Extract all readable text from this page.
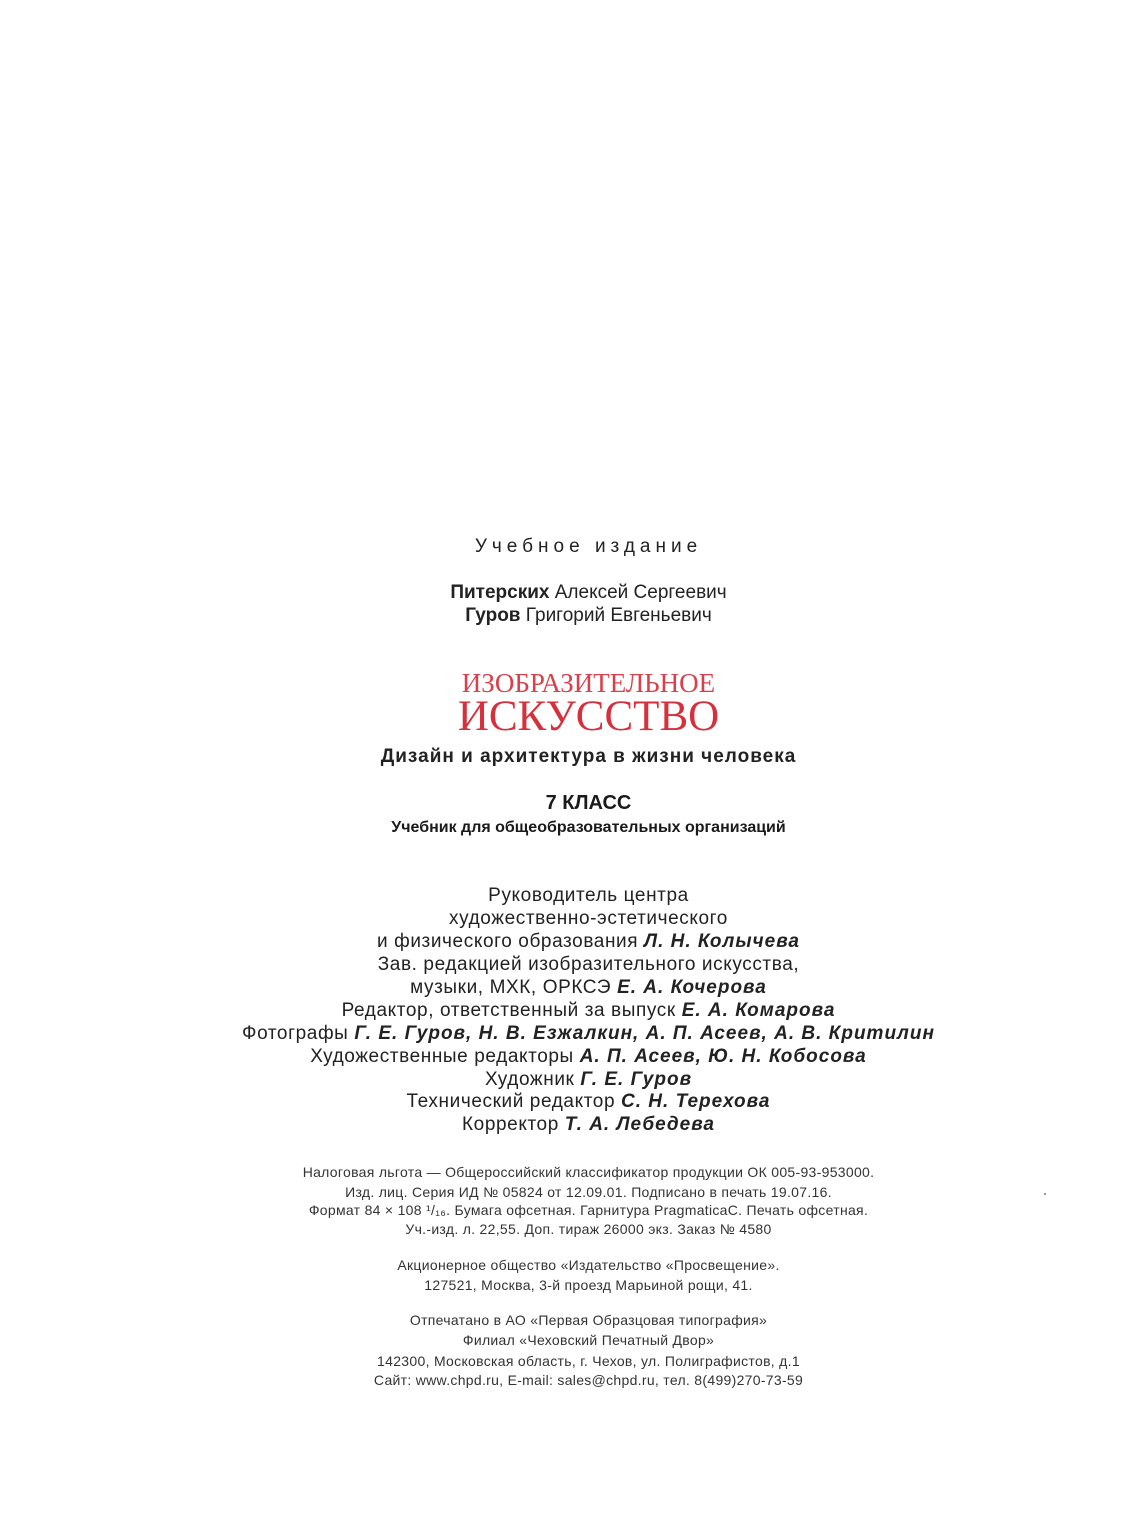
Учебное издание
Питерских Алексей Сергеевич
Гуров Григорий Евгеньевич
ИЗОБРАЗИТЕЛЬНОЕ
ИСКУССТВО
Дизайн и архитектура в жизни человека
7 КЛАСС
Учебник для общеобразовательных организаций
Руководитель центра
художественно-эстетического
и физического образования Л. Н. Колычева
Зав. редакцией изобразительного искусства,
музыки, МХК, ОРКСЭ Е. А. Кочерова
Редактор, ответственный за выпуск Е. А. Комарова
Фотографы Г. Е. Гуров, Н. В. Езжалкин, А. П. Асеев, А. В. Критилин
Художественные редакторы А. П. Асеев, Ю. Н. Кобосова
Художник Г. Е. Гуров
Технический редактор С. Н. Терехова
Корректор Т. А. Лебедева
Налоговая льгота — Общероссийский классификатор продукции ОК 005-93-953000.
Изд. лиц. Серия ИД № 05824 от 12.09.01. Подписано в печать 19.07.16.
Формат 84 × 108 ¹/₁₆. Бумага офсетная. Гарнитура PragmaticaC. Печать офсетная.
Уч.-изд. л. 22,55. Доп. тираж 26000 экз. Заказ № 4580
Акционерное общество «Издательство «Просвещение».
127521, Москва, 3-й проезд Марьиной рощи, 41.
Отпечатано в АО «Первая Образцовая типография»
Филиал «Чеховский Печатный Двор»
142300, Московская область, г. Чехов, ул. Полиграфистов, д.1
Сайт: www.chpd.ru, E-mail: sales@chpd.ru, тел. 8(499)270-73-59
